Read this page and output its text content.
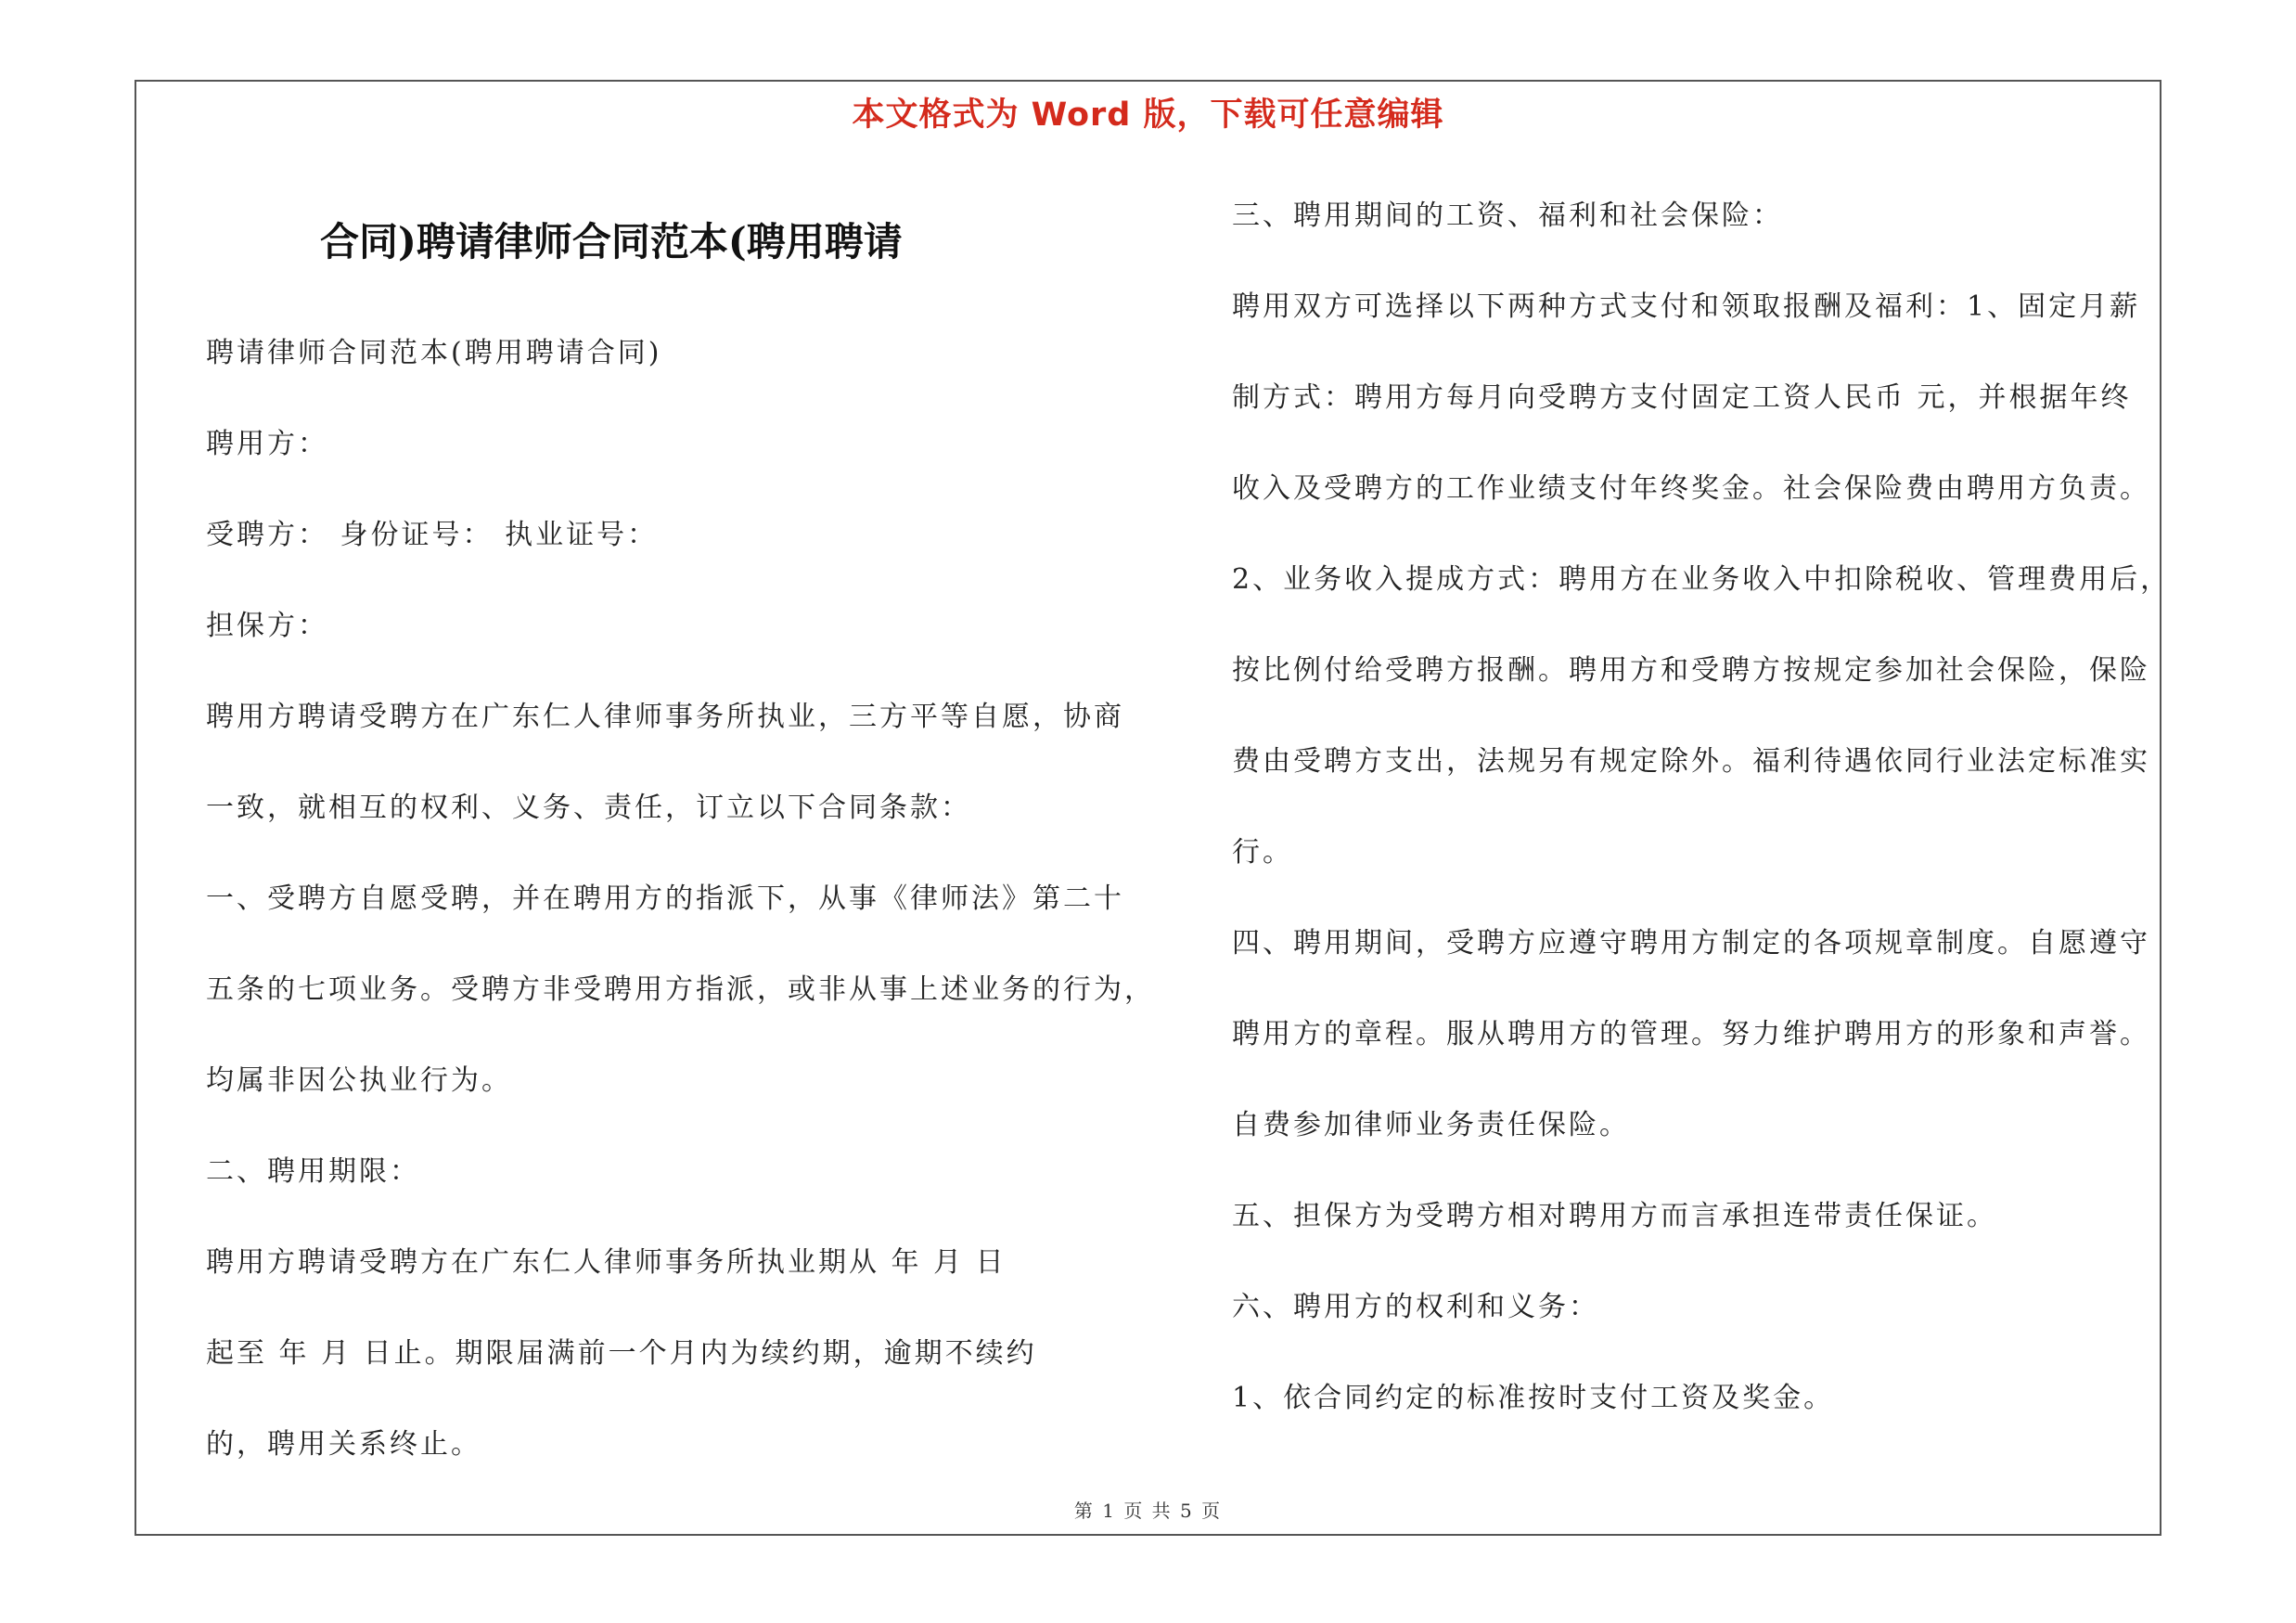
本文格式为 Word 版，下载可任意编辑
合同)聘请律师合同范本(聘用聘请
聘请律师合同范本(聘用聘请合同)
聘用方：
受聘方： 身份证号： 执业证号：
担保方：
聘用方聘请受聘方在广东仁人律师事务所执业，三方平等自愿，协商
一致，就相互的权利、义务、责任，订立以下合同条款：
一、受聘方自愿受聘，并在聘用方的指派下，从事《律师法》第二十
五条的七项业务。受聘方非受聘用方指派，或非从事上述业务的行为，
均属非因公执业行为。
二、聘用期限：
聘用方聘请受聘方在广东仁人律师事务所执业期从 年 月 日
起至 年 月 日止。期限届满前一个月内为续约期，逾期不续约
的，聘用关系终止。
三、聘用期间的工资、福利和社会保险：
聘用双方可选择以下两种方式支付和领取报酬及福利：1、固定月薪
制方式：聘用方每月向受聘方支付固定工资人民币 元，并根据年终
收入及受聘方的工作业绩支付年终奖金。社会保险费由聘用方负责。
2、业务收入提成方式：聘用方在业务收入中扣除税收、管理费用后，
按比例付给受聘方报酬。聘用方和受聘方按规定参加社会保险，保险
费由受聘方支出，法规另有规定除外。福利待遇依同行业法定标准实
行。
四、聘用期间，受聘方应遵守聘用方制定的各项规章制度。自愿遵守
聘用方的章程。服从聘用方的管理。努力维护聘用方的形象和声誉。
自费参加律师业务责任保险。
五、担保方为受聘方相对聘用方而言承担连带责任保证。
六、聘用方的权利和义务：
1、依合同约定的标准按时支付工资及奖金。
第 1 页 共 5 页
